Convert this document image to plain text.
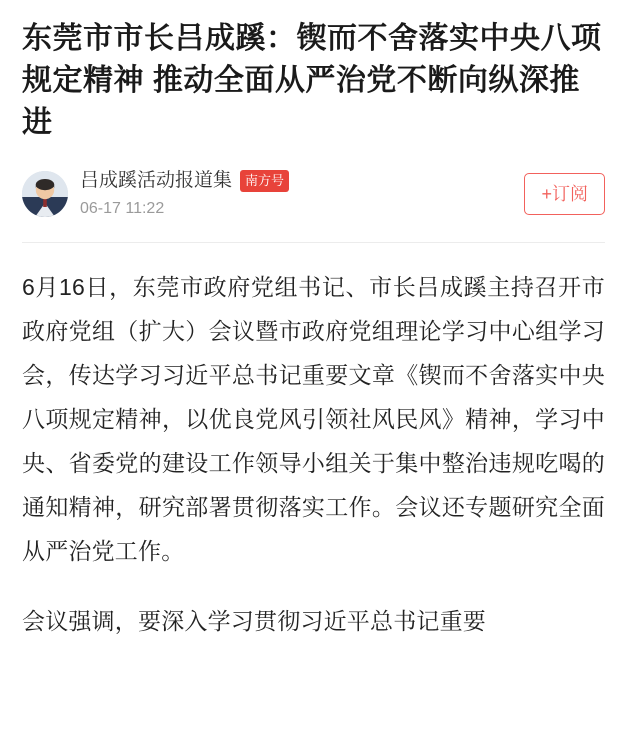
东莞市市长吕成蹊：锲而不舍落实中央八项规定精神 推动全面从严治党不断向纵深推进
吕成蹊活动报道集	南方号
06-17 11:22
+订阅

6月16日，东莞市政府党组书记、市长吕成蹊主持召开市政府党组（扩大）会议暨市政府党组理论学习中心组学习会，传达学习习近平总书记重要文章《锲而不舍落实中央八项规定精神，以优良党风引领社风民风》精神，学习中央、省委党的建设工作领导小组关于集中整治违规吃喝的通知精神，研究部署贯彻落实工作。会议还专题研究全面从严治党工作。

会议强调，要深入学习贯彻习近平总书记重要
